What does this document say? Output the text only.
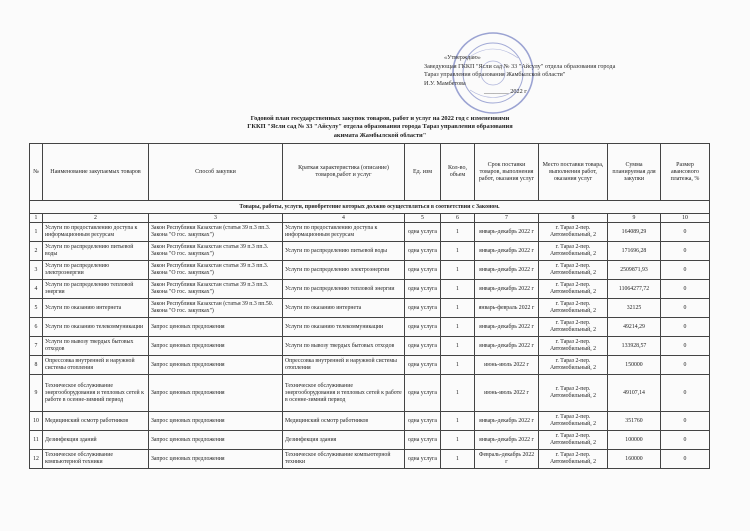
«Утверждаю»
Заведующая ГККП "Ясли сад № 33 "Айсулу" отдела образования города
Тараз управления образования Жамбылской области"
И.У. Мамбетова
________ 2022 г
Годовой план государственных закупок товаров, работ и услуг на 2022 год с изменениями
ГККП "Ясли сад № 33 "Айсулу" отдела образования города Тараз управления образования
акимата Жамбылской области"
№	Наименование закупаемых товаров	Способ закупки	Краткая характеристика (описание) товаров,работ и услуг	Ед. изм	Кол-во, объем	Срок поставки товаров, выполнения работ, оказания услуг	Место поставки товара, выполнения работ, оказания услуг	Сумма планируемая для закупки	Размер авансового платежа, %
Товары, работы, услуги, приобретение которых должно осуществляться в соответствии с Законом.									
1	2	3	4	5	6	7	8	9	10
1	Услуги по предоставлению доступа к информационным ресурсам	Закон Республики Казахстан (статья 39 п.3 пп.3. Закона "О гос. закупках")	Услуги по предоставлению доступа к информационным ресурсам	одна услуга	1	январь-декабрь 2022 г	г. Тараз 2-пер. Автомобильный, 2	164089,29	0
2	Услуги по распределению питьевой воды	Закон Республики Казахстан статья 39 п.3 пп.3. Закона "О гос. закупках")	Услуги по распределению питьевой воды	одна услуга	1	январь-декабрь 2022 г	г. Тараз 2-пер. Автомобильный, 2	171696,28	0
3	Услуги по распределению электроэнергии	Закон Республики Казахстан статья 39 п.3 пп.3. Закона "О гос. закупках")	Услуги по распределению электроэнергии	одна услуга	1	январь-декабрь 2022 г	г. Тараз 2-пер. Автомобильный, 2	2509871,93	0
4	Услуги по распределению тепловой энергии	Закон Республики Казахстан статья 39 п.3 пп.3. Закона "О гос. закупках")	Услуги по распределению тепловой энергии	одна услуга	1	январь-декабрь 2022 г	г. Тараз 2-пер. Автомобильный, 2	11064277,72	0
5	Услуги по оказанию интернета	Закон Республики Казахстан (статья 39 п.3 пп.50. Закона "О гос. закупках")	Услуги по оказанию интернета	одна услуга	1	январь-февраль 2022 г	г. Тараз 2-пер. Автомобильный, 2	32125	0
6	Услуги по оказанию телекоммуникации	Запрос ценовых предложения	Услуги по оказанию телекоммуникации	одна услуга	1	январь-декабрь 2022 г	г. Тараз 2-пер. Автомобильный, 2	49214,29	0
7	Услуги по вывозу твердых бытовых отходов	Запрос ценовых предложения	Услуги по вывозу твердых бытовых отходов	одна услуга	1	январь-декабрь 2022 г	г. Тараз 2-пер. Автомобильный, 2	133928,57	0
8	Опрессовка внутренней и наружной системы отопления	Запрос ценовых предложения	Опрессовка внутренней и наружной системы отопления	одна услуга	1	июнь-июль 2022 г	г. Тараз 2-пер. Автомобильный, 2	150000	0
9	Техническое обслуживание энергооборудования и тепловых сетей к работе в осенне-зимний период	Запрос ценовых предложения	Техническое обслуживание энергооборудования и тепловых сетей к работе в осенне-зимний период	одна услуга	1	июнь-июль 2022 г	г. Тараз 2-пер. Автомобильный, 2	49107,14	0
10	Медицинский осмотр работников	Запрос ценовых предложения	Медицинский осмотр работников	одна услуга	1	январь-декабрь 2022 г	г. Тараз 2-пер. Автомобильный, 2	351760	0
11	Дезинфекция зданий	Запрос ценовых предложения	Дезинфекция здания	одна услуга	1	январь-декабрь 2022 г	г. Тараз 2-пер. Автомобильный, 2	100000	0
12	Техническое обслуживание компьютерной техники	Запрос ценовых предложения	Техническое обслуживание компьютерной техники	одна услуга	1	Февраль-декабрь 2022 г	г. Тараз 2-пер. Автомобильный, 2	160000	0
